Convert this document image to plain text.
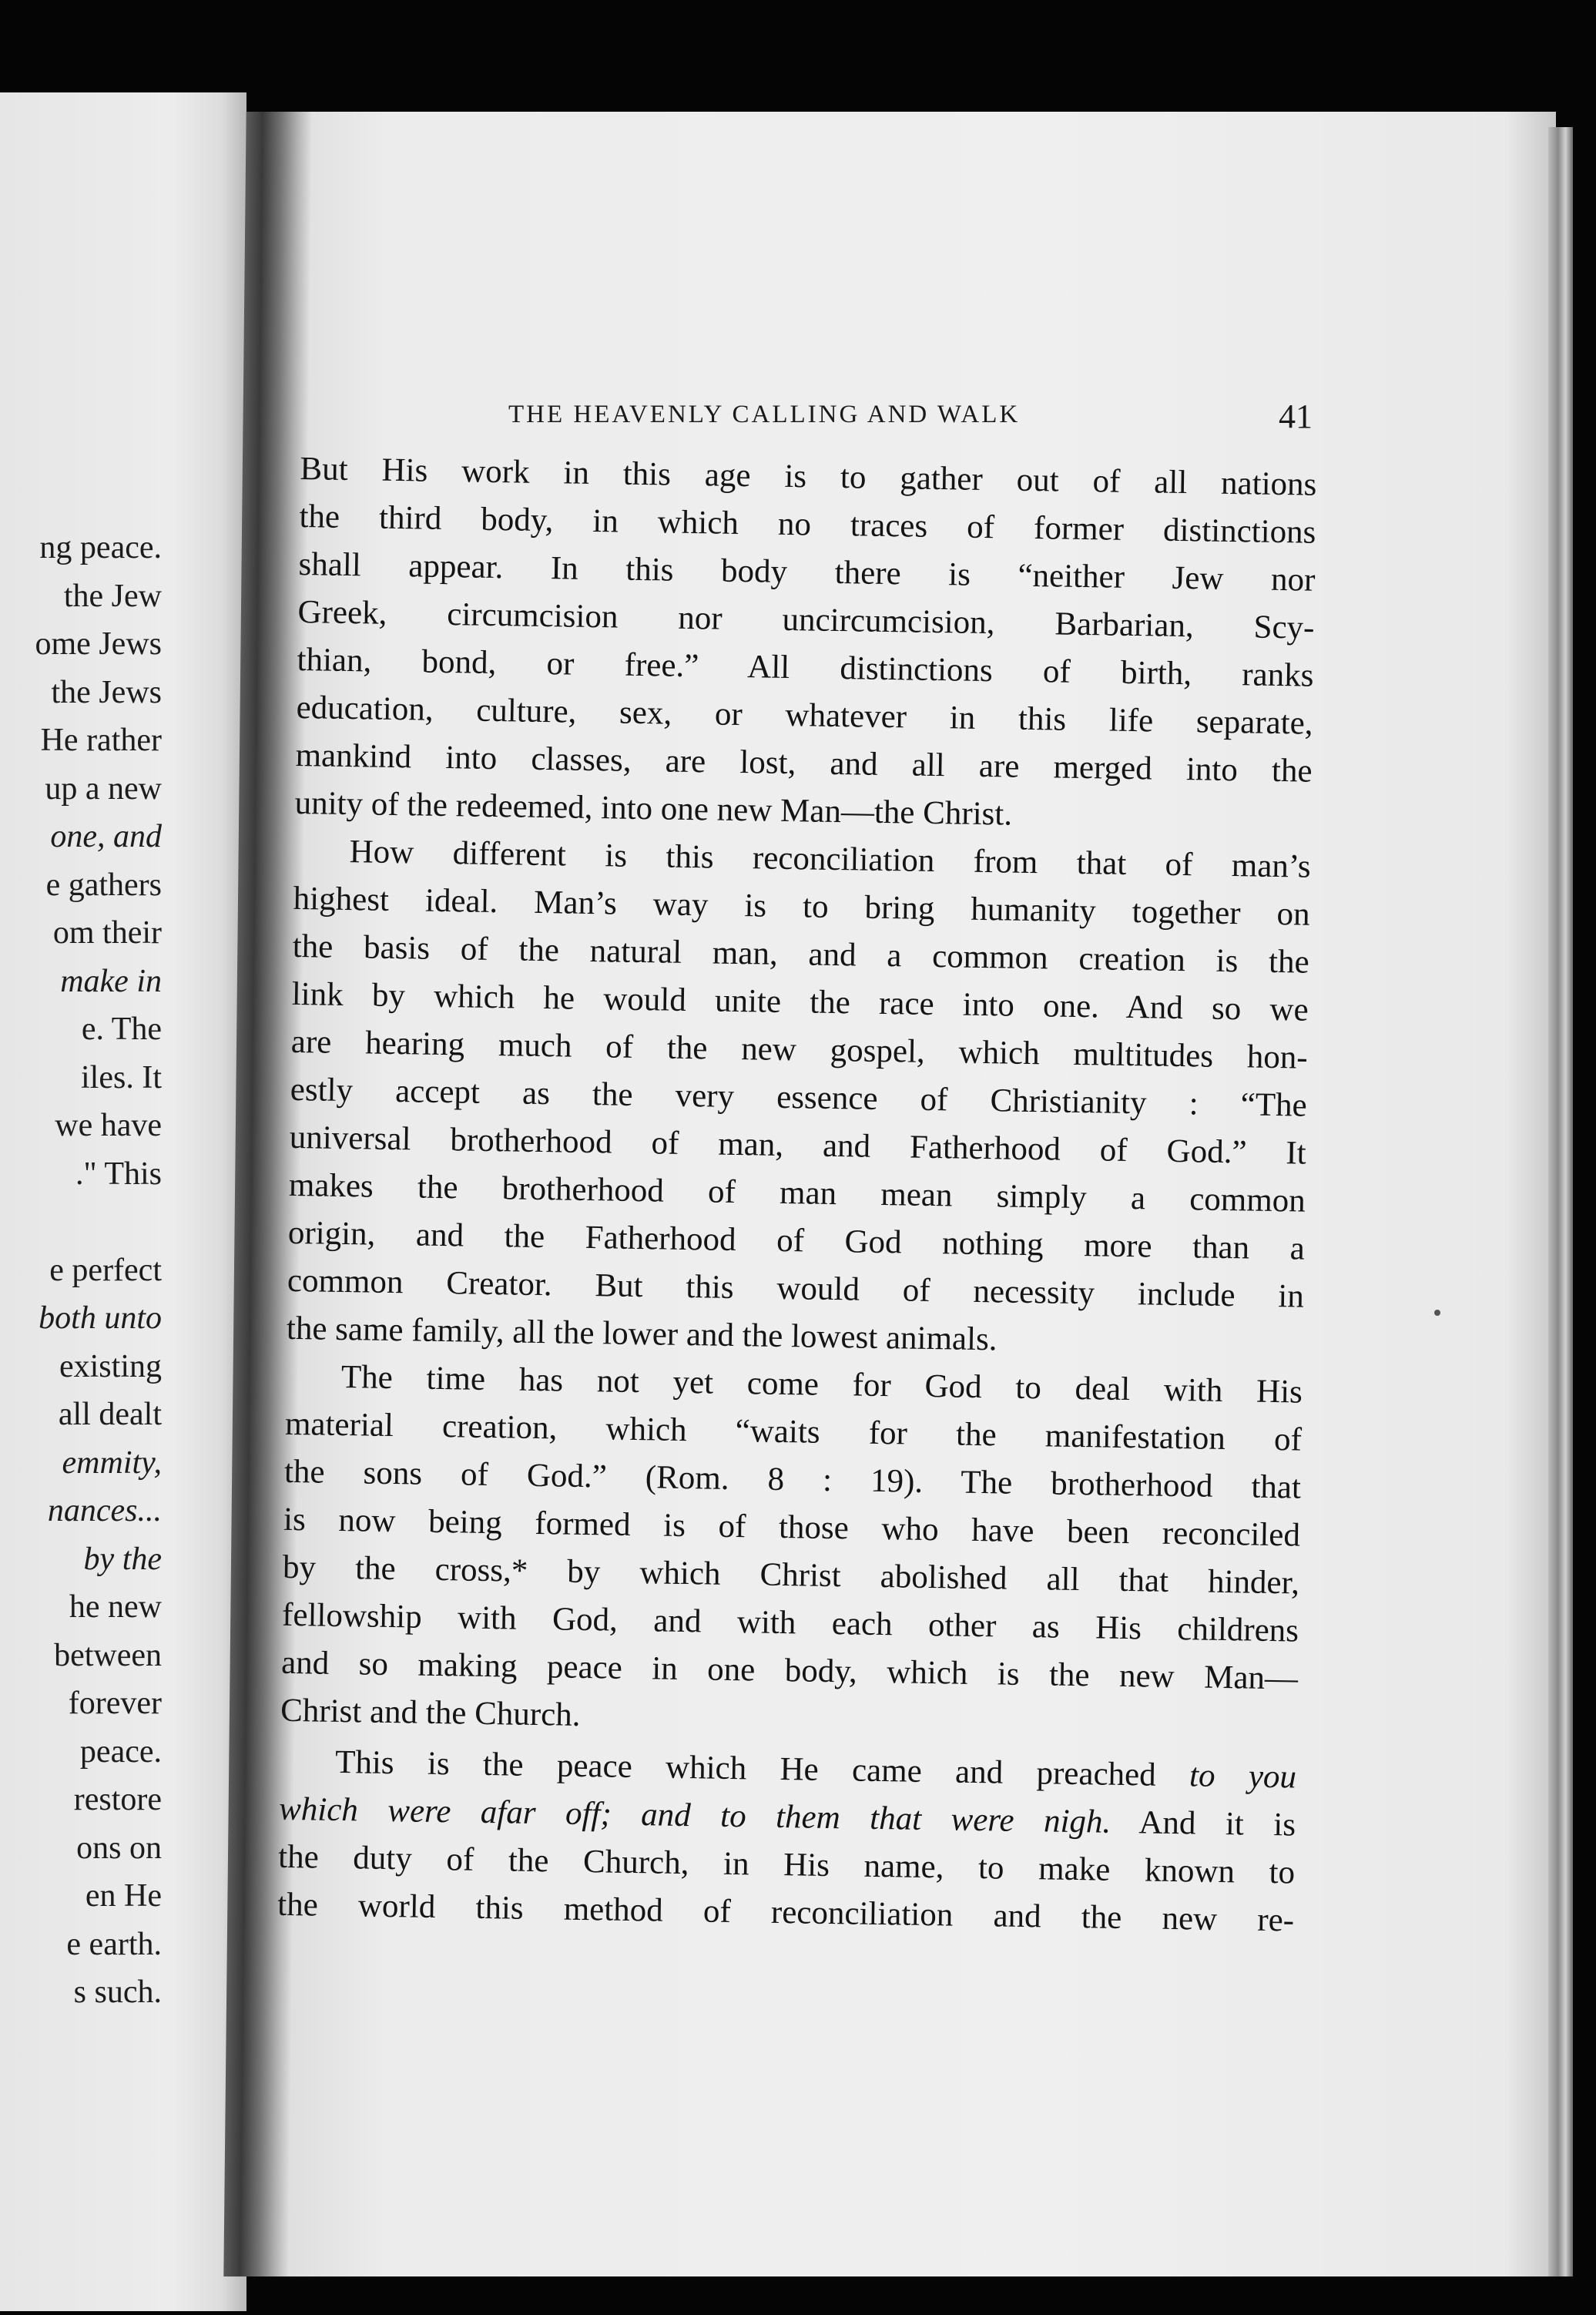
ng peace.
the Jew
ome Jews
the Jews
He rather
up a new
one, and
e gathers
om their
make in
e. The
iles. It
we have
." This
e perfect
both unto
existing
all dealt
emmity,
nances...
by the
he new
between
forever
peace.
restore
ons on
en He
e earth.
s such.
THE HEAVENLY CALLING AND WALK	41
But His work in this age is to gather out of all nations
the third body, in which no traces of former distinctions
shall appear. In this body there is “neither Jew nor
Greek, circumcision nor uncircumcision, Barbarian, Scy-
thian, bond, or free.” All distinctions of birth, ranks
education, culture, sex, or whatever in this life separate,
mankind into classes, are lost, and all are merged into the
unity of the redeemed, into one new Man—the Christ.
How different is this reconciliation from that of man’s
highest ideal. Man’s way is to bring humanity together on
the basis of the natural man, and a common creation is the
link by which he would unite the race into one. And so we
are hearing much of the new gospel, which multitudes hon-
estly accept as the very essence of Christianity : “The
universal brotherhood of man, and Fatherhood of God.” It
makes the brotherhood of man mean simply a common
origin, and the Fatherhood of God nothing more than a
common Creator. But this would of necessity include in
the same family, all the lower and the lowest animals.
The time has not yet come for God to deal with His
material creation, which “waits for the manifestation of
the sons of God.” (Rom. 8 : 19). The brotherhood that
is now being formed is of those who have been reconciled
by the cross,* by which Christ abolished all that hinder,
fellowship with God, and with each other as His childrens
and so making peace in one body, which is the new Man—
Christ and the Church.
This is the peace which He came and preached to you
which were afar off; and to them that were nigh. And it is
the duty of the Church, in His name, to make known to
the world this method of reconciliation and the new re-
